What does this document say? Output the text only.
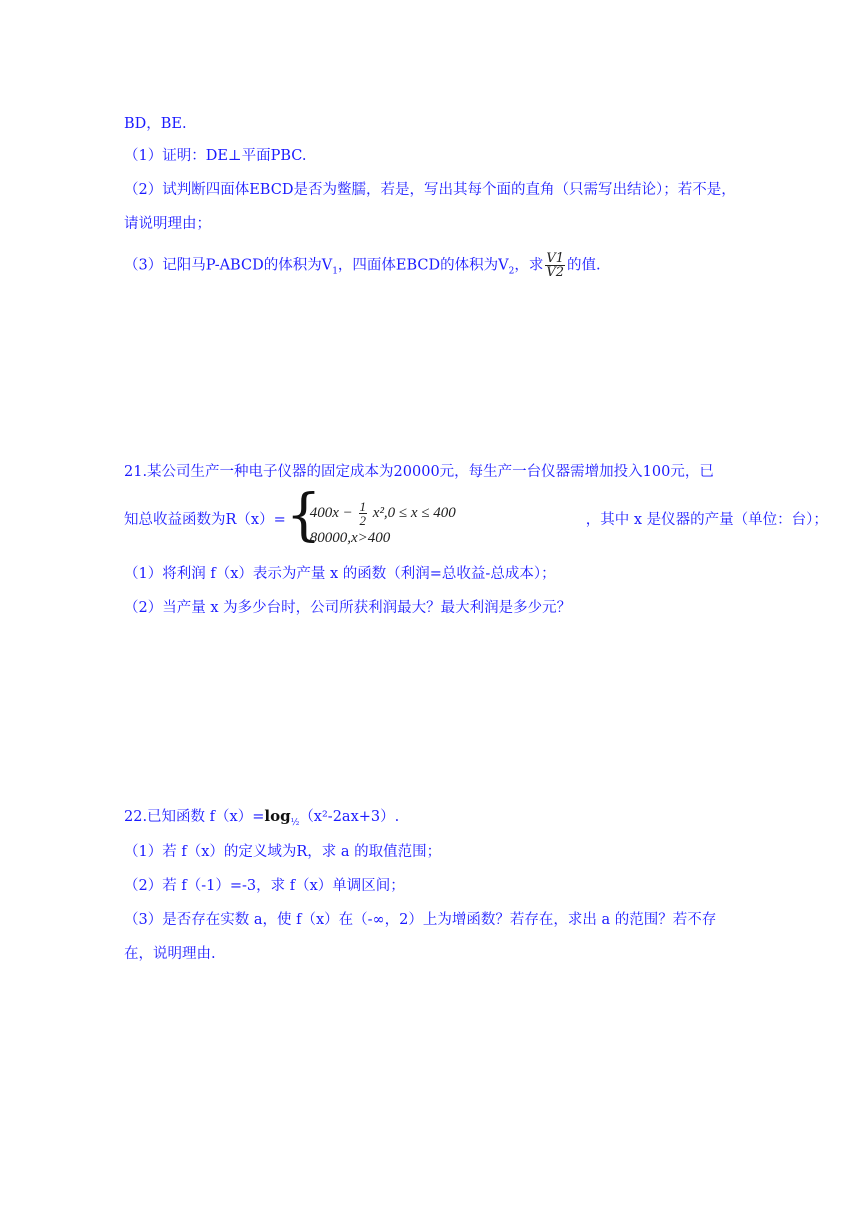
BD，BE.
（1）证明：DE⊥平面PBC.
（2）试判断四面体EBCD是否为鳖臑，若是，写出其每个面的直角（只需写出结论）；若不是，
请说明理由；
（3）记阳马P-ABCD的体积为$V_1$，四面体EBCD的体积为$V_2$，求 $\frac{V1}{V2}$ 的值.
21.某公司生产一种电子仪器的固定成本为20000元，每生产一台仪器需增加投入100元，已
知总收益函数为R（x）= {
$400x - \frac{1}{2} x^2,0 \le x \le 400$
80000,x>400
，其中 x 是仪器的产量（单位：台）；
（1）将利润 f（x）表示为产量 x 的函数（利润=总收益-总成本）；
（2）当产量 x 为多少台时，公司所获利润最大？最大利润是多少元？
22.已知函数 $f(x)=\log_{\frac{1}{2}}(x^2-2ax+3)$.
（1）若 f（x）的定义域为R，求 a 的取值范围；
（2）若 f（-1）=-3，求 f（x）单调区间；
（3）是否存在实数 a，使 f（x）在（-∞，2）上为增函数？若存在，求出 a 的范围？若不存
在，说明理由.
